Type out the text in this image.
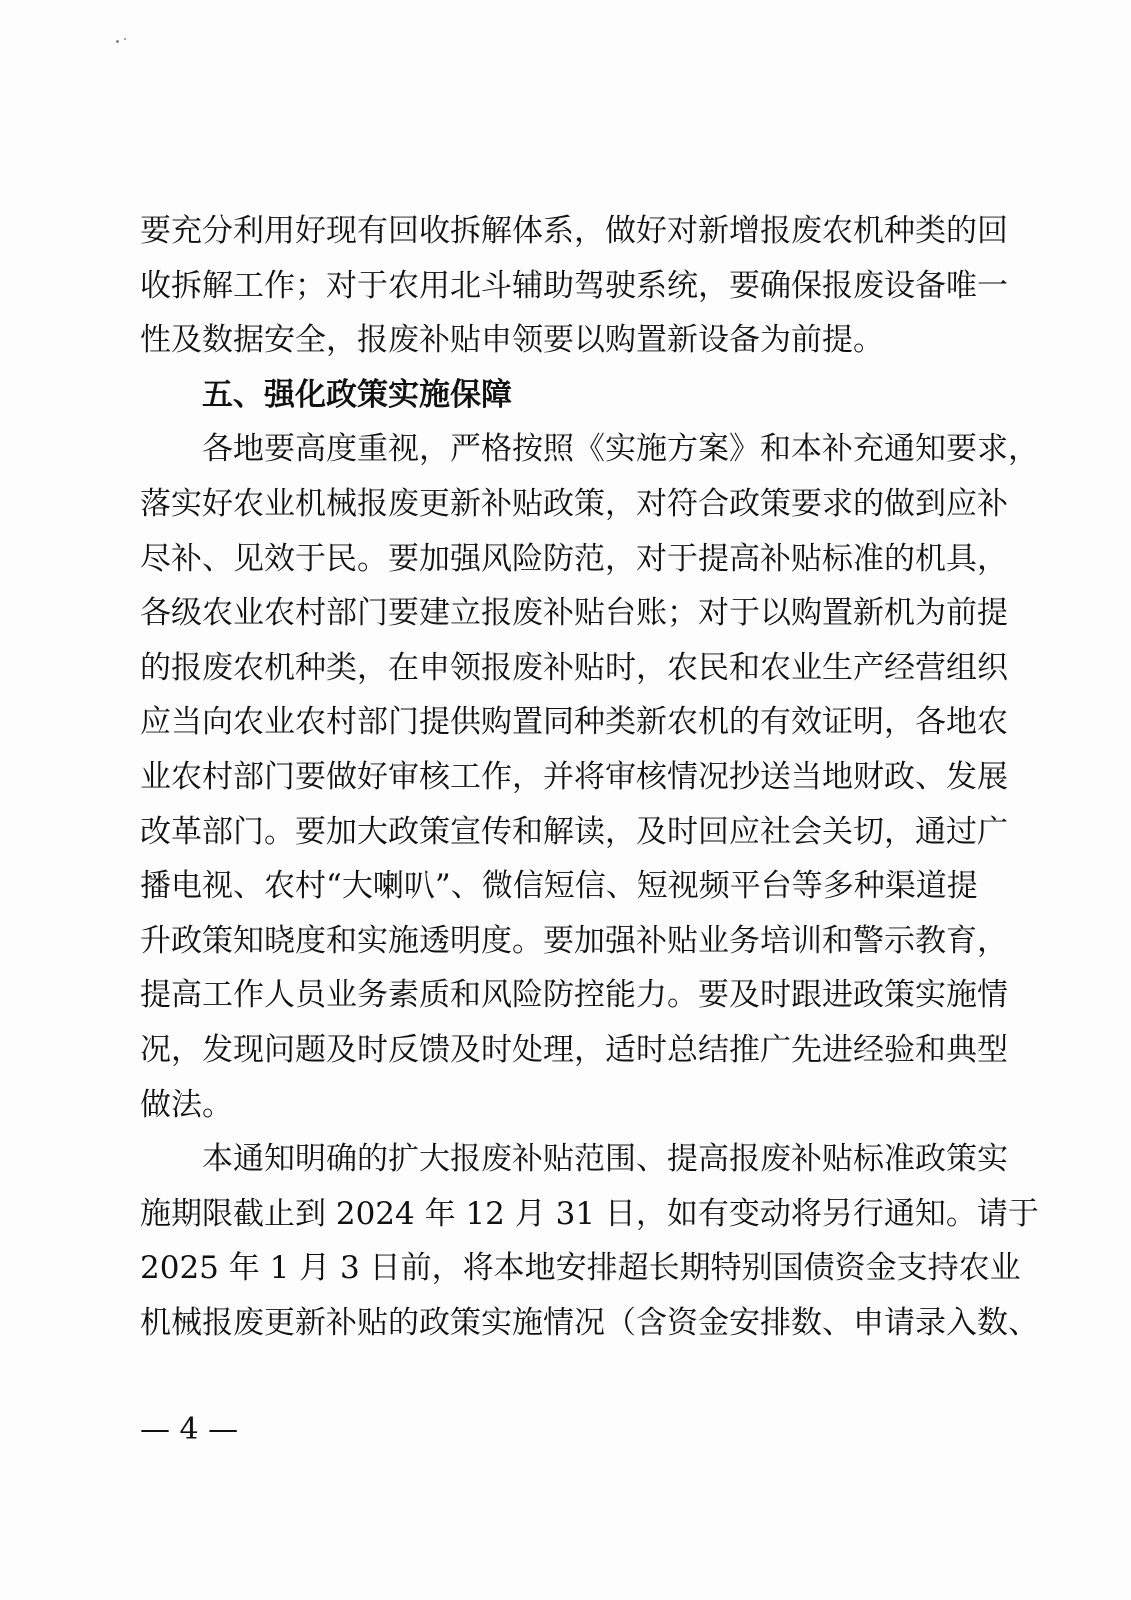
要充分利用好现有回收拆解体系，做好对新增报废农机种类的回
收拆解工作；对于农用北斗辅助驾驶系统，要确保报废设备唯一
性及数据安全，报废补贴申领要以购置新设备为前提。
五、强化政策实施保障
各地要高度重视，严格按照《实施方案》和本补充通知要求，
落实好农业机械报废更新补贴政策，对符合政策要求的做到应补
尽补、见效于民。要加强风险防范，对于提高补贴标准的机具，
各级农业农村部门要建立报废补贴台账；对于以购置新机为前提
的报废农机种类，在申领报废补贴时，农民和农业生产经营组织
应当向农业农村部门提供购置同种类新农机的有效证明，各地农
业农村部门要做好审核工作，并将审核情况抄送当地财政、发展
改革部门。要加大政策宣传和解读，及时回应社会关切，通过广
播电视、农村“大喇叭”、微信短信、短视频平台等多种渠道提
升政策知晓度和实施透明度。要加强补贴业务培训和警示教育，
提高工作人员业务素质和风险防控能力。要及时跟进政策实施情
况，发现问题及时反馈及时处理，适时总结推广先进经验和典型
做法。
本通知明确的扩大报废补贴范围、提高报废补贴标准政策实
施期限截止到 2024 年 12 月 31 日，如有变动将另行通知。请于
2025 年 1 月 3 日前，将本地安排超长期特别国债资金支持农业
机械报废更新补贴的政策实施情况（含资金安排数、申请录入数、
— 4 —
